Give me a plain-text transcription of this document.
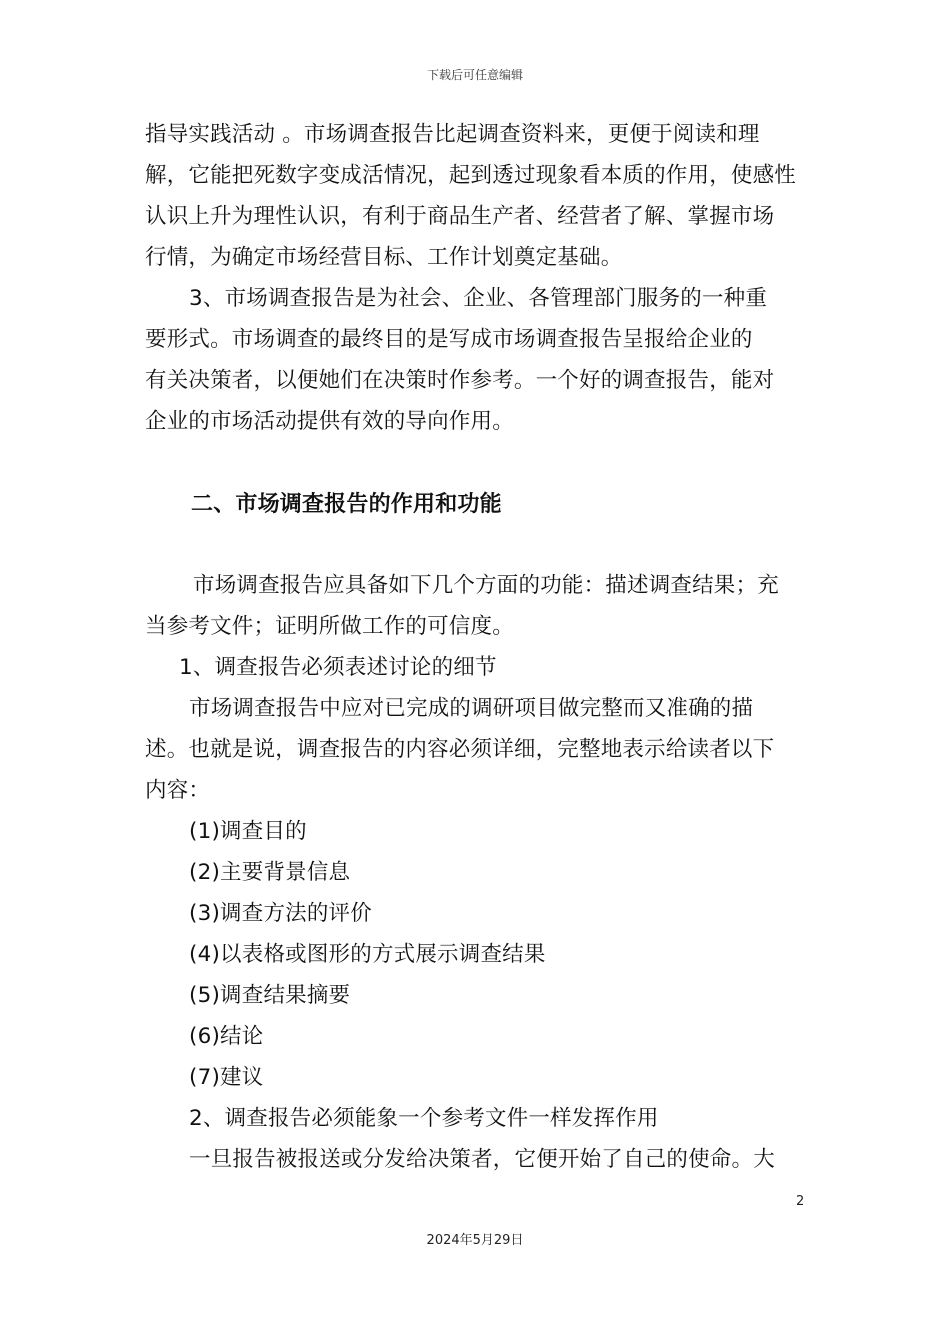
下载后可任意编辑
指导实践活动 。市场调查报告比起调查资料来，更便于阅读和理
解，它能把死数字变成活情况，起到透过现象看本质的作用，使感性
认识上升为理性认识，有利于商品生产者、经营者了解、掌握市场
行情，为确定市场经营目标、工作计划奠定基础。
3、市场调查报告是为社会、企业、各管理部门服务的一种重
要形式。市场调查的最终目的是写成市场调查报告呈报给企业的
有关决策者，以便她们在决策时作参考。一个好的调查报告，能对
企业的市场活动提供有效的导向作用。
二、市场调查报告的作用和功能
市场调查报告应具备如下几个方面的功能：描述调查结果；充
当参考文件；证明所做工作的可信度。
1、调查报告必须表述讨论的细节
市场调查报告中应对已完成的调研项目做完整而又准确的描
述。也就是说，调查报告的内容必须详细，完整地表示给读者以下
内容：
(1)调查目的
(2)主要背景信息
(3)调查方法的评价
(4)以表格或图形的方式展示调查结果
(5)调查结果摘要
(6)结论
(7)建议
2、调查报告必须能象一个参考文件一样发挥作用
一旦报告被报送或分发给决策者，它便开始了自己的使命。大
2
2024年5月29日
